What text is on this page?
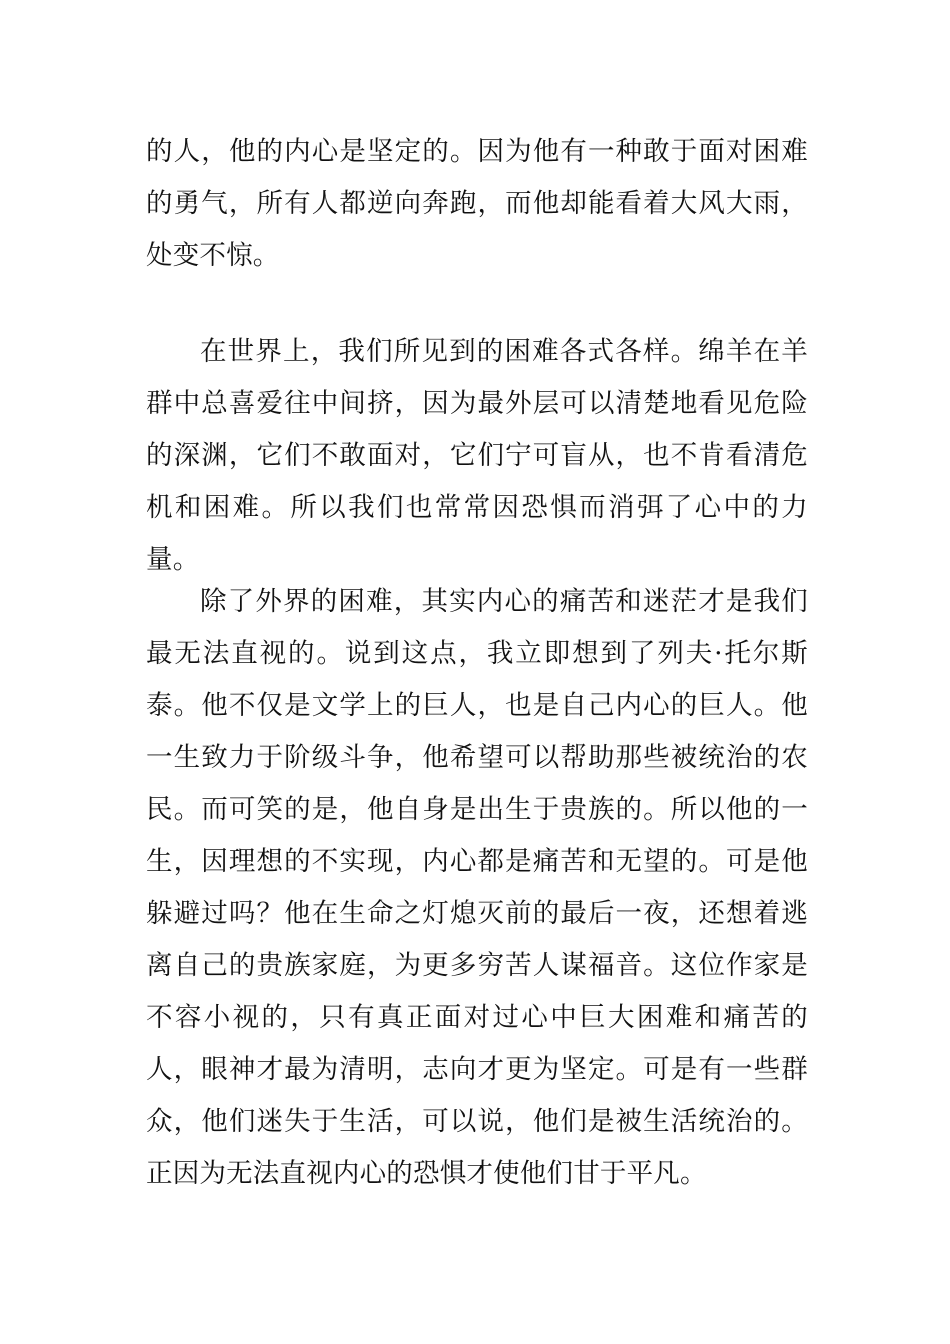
的人，他的内心是坚定的。因为他有一种敢于面对困难的勇气，所有人都逆向奔跑，而他却能看着大风大雨，处变不惊。

在世界上，我们所见到的困难各式各样。绵羊在羊群中总喜爱往中间挤，因为最外层可以清楚地看见危险的深渊，它们不敢面对，它们宁可盲从，也不肯看清危机和困难。所以我们也常常因恐惧而消弭了心中的力量。

除了外界的困难，其实内心的痛苦和迷茫才是我们最无法直视的。说到这点，我立即想到了列夫·托尔斯泰。他不仅是文学上的巨人，也是自己内心的巨人。他一生致力于阶级斗争，他希望可以帮助那些被统治的农民。而可笑的是，他自身是出生于贵族的。所以他的一生，因理想的不实现，内心都是痛苦和无望的。可是他躲避过吗？他在生命之灯熄灭前的最后一夜，还想着逃离自己的贵族家庭，为更多穷苦人谋福音。这位作家是不容小视的，只有真正面对过心中巨大困难和痛苦的人，眼神才最为清明，志向才更为坚定。可是有一些群众，他们迷失于生活，可以说，他们是被生活统治的。正因为无法直视内心的恐惧才使他们甘于平凡。
